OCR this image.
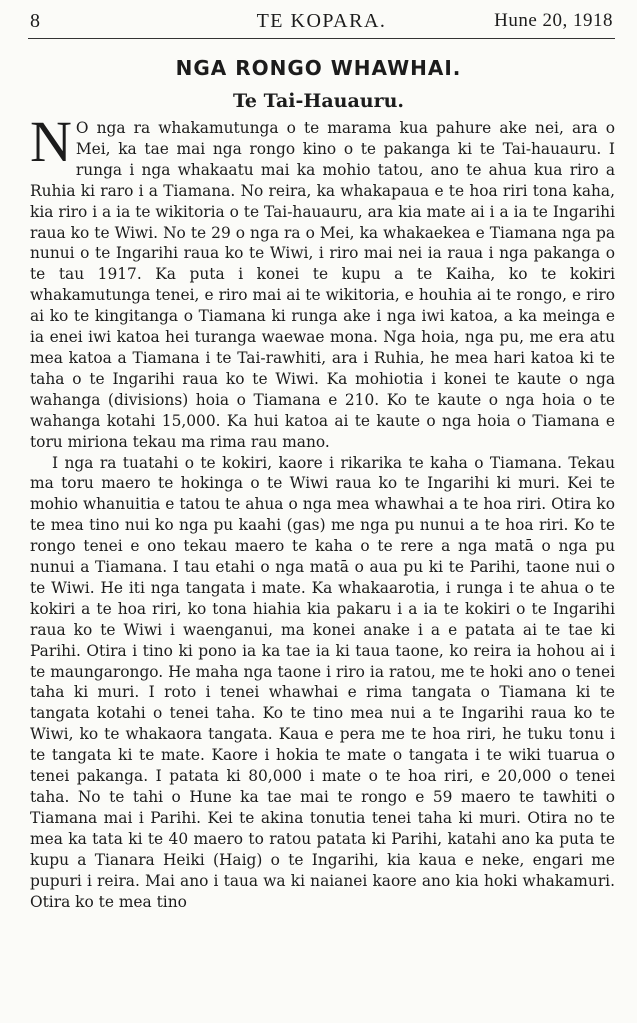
8	TE KOPARA.	Hune 20, 1918
NGA RONGO WHAWHAI.
Te Tai-Hauauru.

N O nga ra whakamutunga o te marama kua pahure ake nei, ara o Mei, ka tae mai nga rongo kino o te pakanga ki te Tai-hauauru. I runga i nga whakaatu mai ka mohio tatou, ano te ahua kua riro a Ruhia ki raro i a Tiamana. No reira, ka whakapaua e te hoa riri tona kaha, kia riro i a ia te wikitoria o te Tai-hauauru, ara kia mate ai i a ia te Ingarihi raua ko te Wiwi. No te 29 o nga ra o Mei, ka whakaekea e Tiamana nga pa nunui o te Ingarihi raua ko te Wiwi, i riro mai nei ia raua i nga pakanga o te tau 1917. Ka puta i konei te kupu a te Kaiha, ko te kokiri whakamutunga tenei, e riro mai ai te wikitoria, e houhia ai te rongo, e riro ai ko te kingitanga o Tiamana ki runga ake i nga iwi katoa, a ka meinga e ia enei iwi katoa hei turanga waewae mona. Nga hoia, nga pu, me era atu mea katoa a Tiamana i te Tai-rawhiti, ara i Ruhia, he mea hari katoa ki te taha o te Ingarihi raua ko te Wiwi. Ka mohiotia i konei te kaute o nga wahanga (divisions) hoia o Tiamana e 210. Ko te kaute o nga hoia o te wahanga kotahi 15,000. Ka hui katoa ai te kaute o nga hoia o Tiamana e toru miriona tekau ma rima rau mano.

I nga ra tuatahi o te kokiri, kaore i rikarika te kaha o Tiamana. Tekau ma toru maero te hokinga o te Wiwi raua ko te Ingarihi ki muri. Kei te mohio whanuitia e tatou te ahua o nga mea whawhai a te hoa riri. Otira ko te mea tino nui ko nga pu kaahi (gas) me nga pu nunui a te hoa riri. Ko te rongo tenei e ono tekau maero te kaha o te rere a nga matā o nga pu nunui a Tiamana. I tau etahi o nga matā o aua pu ki te Parihi, taone nui o te Wiwi. He iti nga tangata i mate. Ka whakaarotia, i runga i te ahua o te kokiri a te hoa riri, ko tona hiahia kia pakaru i a ia te kokiri o te Ingarihi raua ko te Wiwi i waenganui, ma konei anake i a e patata ai te tae ki Parihi. Otira i tino ki pono ia ka tae ia ki taua taone, ko reira ia hohou ai i te maungarongo. He maha nga taone i riro ia ratou, me te hoki ano o tenei taha ki muri. I roto i tenei whawhai e rima tangata o Tiamana ki te tangata kotahi o tenei taha. Ko te tino mea nui a te Ingarihi raua ko te Wiwi, ko te whakaora tangata. Kaua e pera me te hoa riri, he tuku tonu i te tangata ki te mate. Kaore i hokia te mate o tangata i te wiki tuarua o tenei pakanga. I patata ki 80,000 i mate o te hoa riri, e 20,000 o tenei taha. No te tahi o Hune ka tae mai te rongo e 59 maero te tawhiti o Tiamana mai i Parihi. Kei te akina tonutia tenei taha ki muri. Otira no te mea ka tata ki te 40 maero to ratou patata ki Parihi, katahi ano ka puta te kupu a Tianara Heiki (Haig) o te Ingarihi, kia kaua e neke, engari me pupuri i reira. Mai ano i taua wa ki naianei kaore ano kia hoki whakamuri. Otira ko te mea tino
